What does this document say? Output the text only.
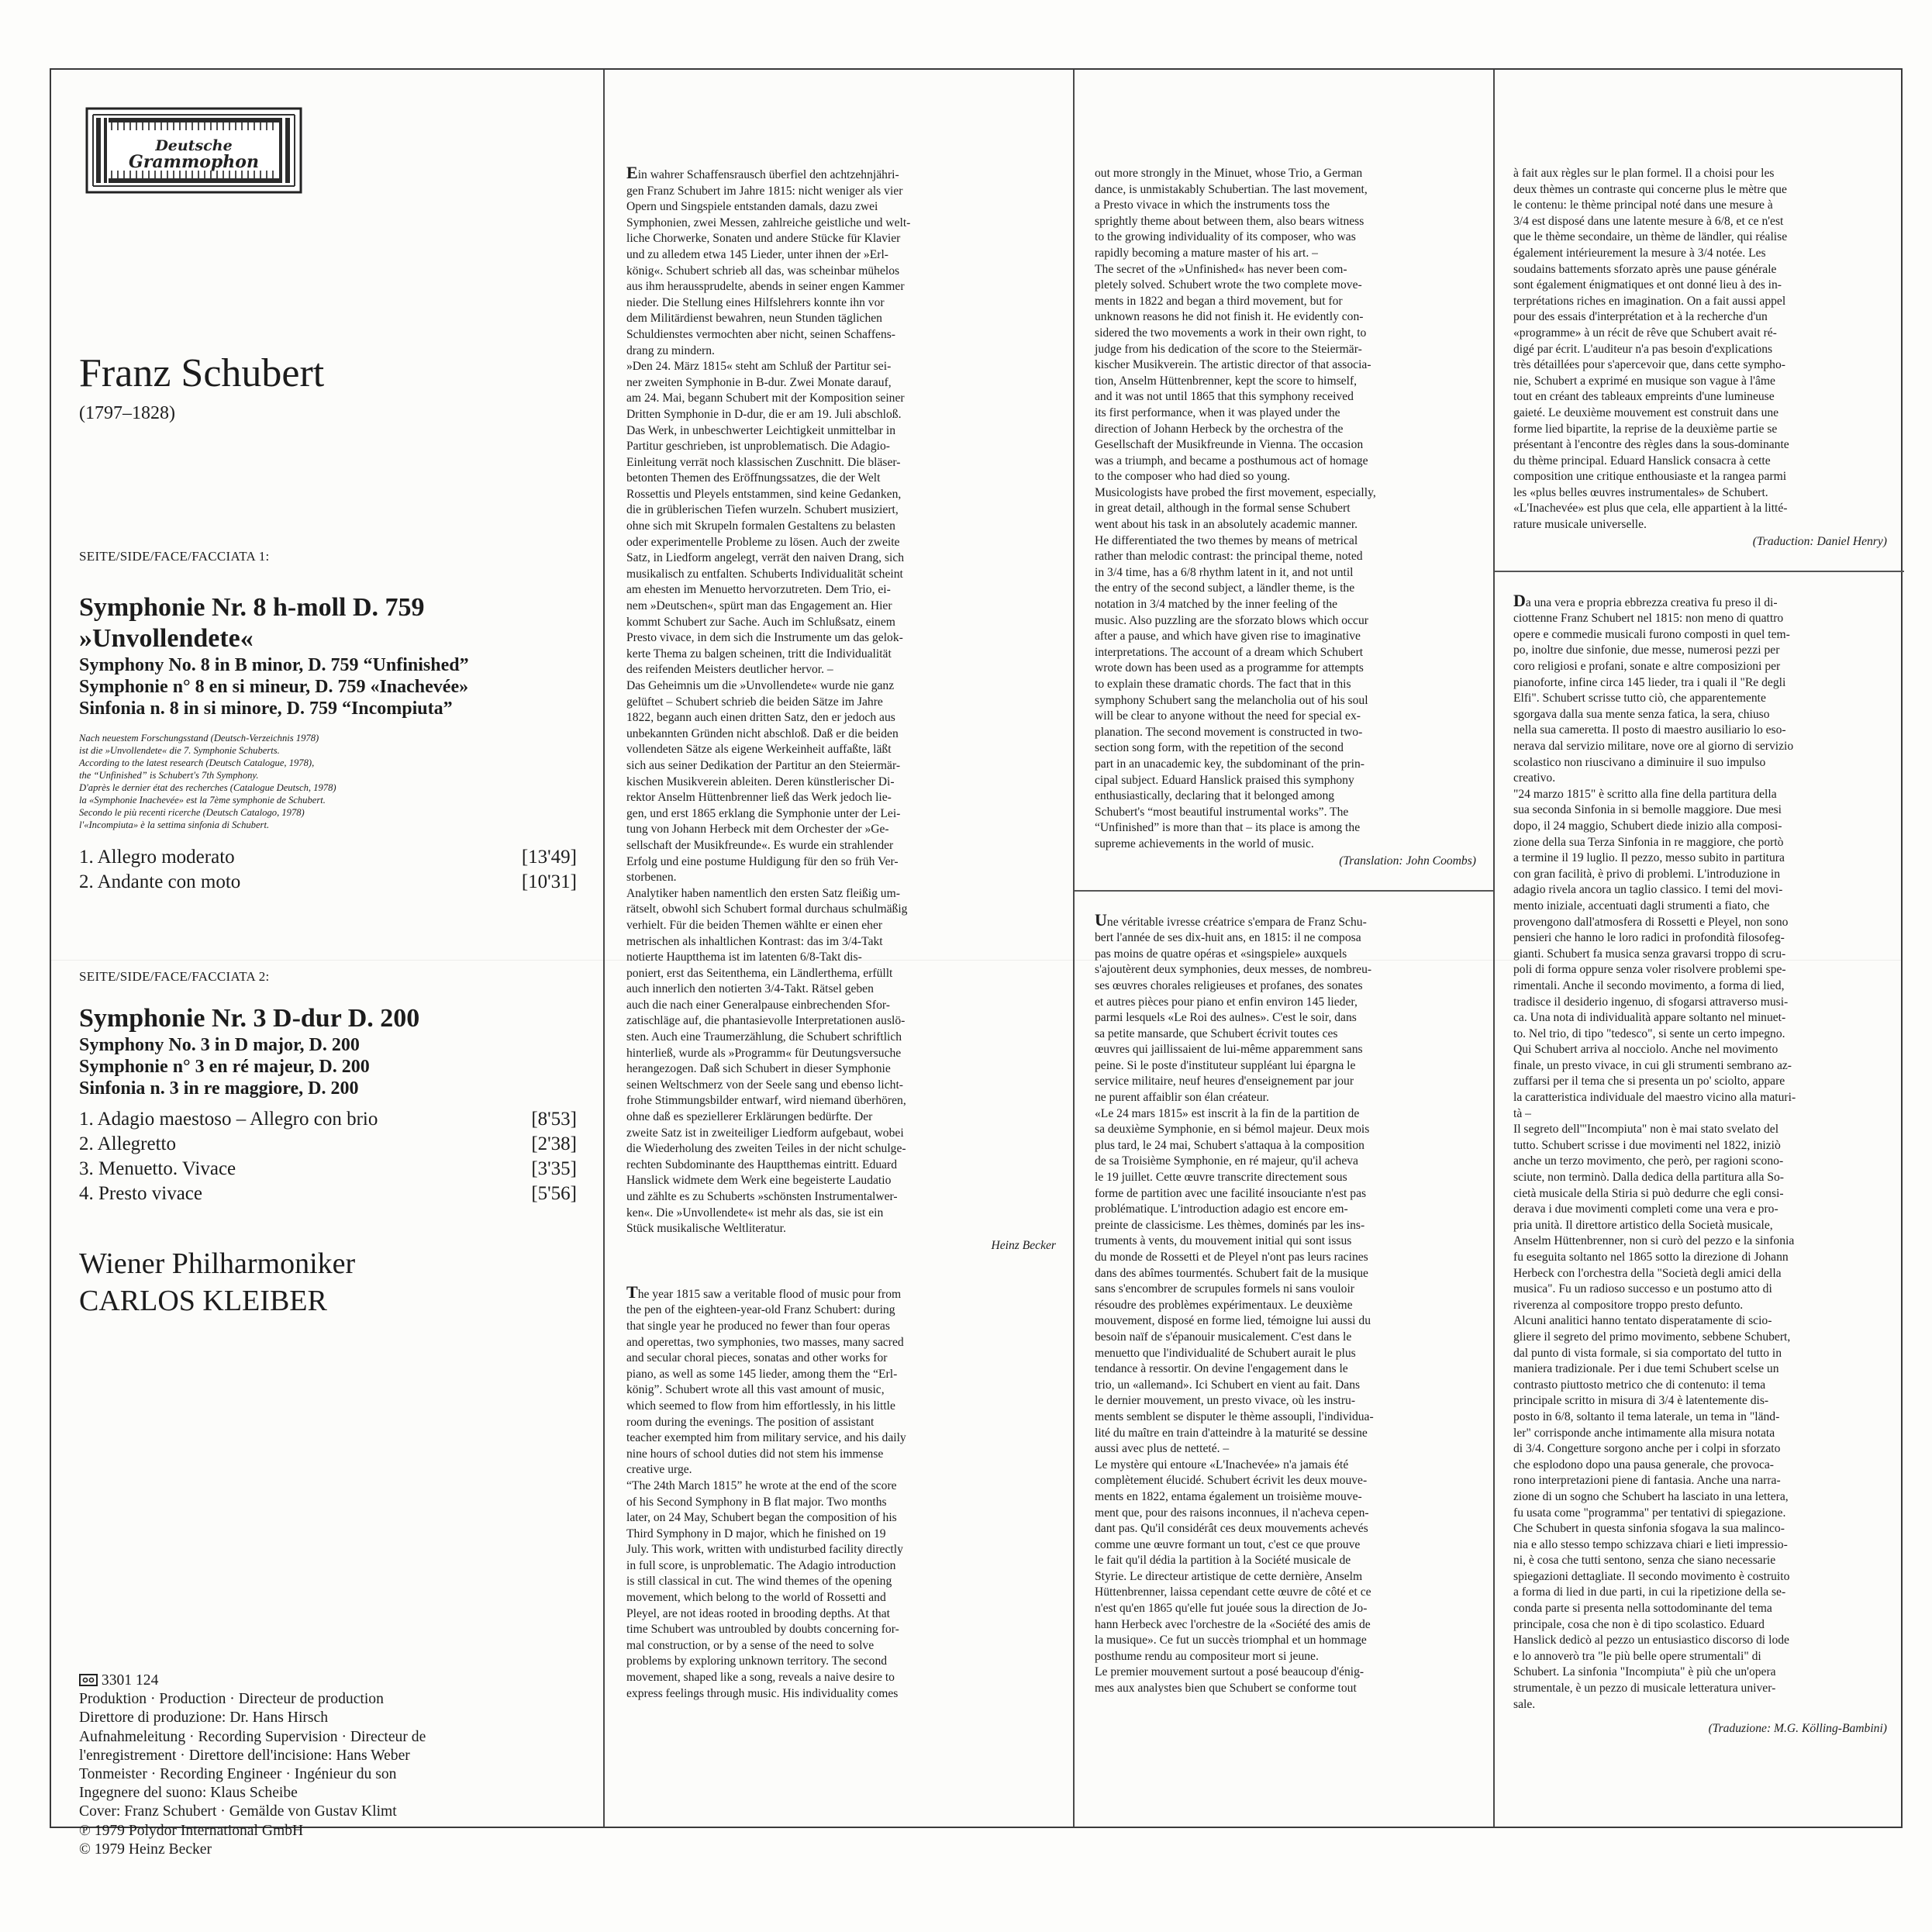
Deutsche
Grammophon
Franz Schubert
(1797–1828)
SEITE/SIDE/FACE/FACCIATA 1:
Symphonie Nr. 8 h-moll D. 759
»Unvollendete«
Symphony No. 8 in B minor, D. 759 “Unfinished”
Symphonie n° 8 en si mineur, D. 759 «Inachevée»
Sinfonia n. 8 in si minore, D. 759 “Incompiuta”
Nach neuestem Forschungsstand (Deutsch-Verzeichnis 1978)
ist die »Unvollendete« die 7. Symphonie Schuberts.
According to the latest research (Deutsch Catalogue, 1978),
the “Unfinished” is Schubert's 7th Symphony.
D'après le dernier état des recherches (Catalogue Deutsch, 1978)
la «Symphonie Inachevée» est la 7ème symphonie de Schubert.
Secondo le più recenti ricerche (Deutsch Catalogo, 1978)
l'«Incompiuta» è la settima sinfonia di Schubert.
1. Allegro moderato	[13'49]
2. Andante con moto	[10'31]
SEITE/SIDE/FACE/FACCIATA 2:
Symphonie Nr. 3 D-dur D. 200
Symphony No. 3 in D major, D. 200
Symphonie n° 3 en ré majeur, D. 200
Sinfonia n. 3 in re maggiore, D. 200
1. Adagio maestoso – Allegro con brio	[8'53]
2. Allegretto	[2'38]
3. Menuetto. Vivace	[3'35]
4. Presto vivace	[5'56]
Wiener Philharmoniker
CARLOS KLEIBER
3301 124
Produktion · Production · Directeur de production
Direttore di produzione: Dr. Hans Hirsch
Aufnahmeleitung · Recording Supervision · Directeur de
l'enregistrement · Direttore dell'incisione: Hans Weber
Tonmeister · Recording Engineer · Ingénieur du son
Ingegnere del suono: Klaus Scheibe
Cover: Franz Schubert · Gemälde von Gustav Klimt
℗ 1979 Polydor International GmbH
© 1979 Heinz Becker

Ein wahrer Schaffensrausch überfiel den achtzehnjähri-
gen Franz Schubert im Jahre 1815: nicht weniger als vier
Opern und Singspiele entstanden damals, dazu zwei
Symphonien, zwei Messen, zahlreiche geistliche und welt-
liche Chorwerke, Sonaten und andere Stücke für Klavier
und zu alledem etwa 145 Lieder, unter ihnen der »Erl-
könig«. Schubert schrieb all das, was scheinbar mühelos
aus ihm heraussprudelte, abends in seiner engen Kammer
nieder. Die Stellung eines Hilfslehrers konnte ihn vor
dem Militärdienst bewahren, neun Stunden täglichen
Schuldienstes vermochten aber nicht, seinen Schaffens-
drang zu mindern.
»Den 24. März 1815« steht am Schluß der Partitur sei-
ner zweiten Symphonie in B-dur. Zwei Monate darauf,
am 24. Mai, begann Schubert mit der Komposition seiner
Dritten Symphonie in D-dur, die er am 19. Juli abschloß.
Das Werk, in unbeschwerter Leichtigkeit unmittelbar in
Partitur geschrieben, ist unproblematisch. Die Adagio-
Einleitung verrät noch klassischen Zuschnitt. Die bläser-
betonten Themen des Eröffnungssatzes, die der Welt
Rossettis und Pleyels entstammen, sind keine Gedanken,
die in grüblerischen Tiefen wurzeln. Schubert musiziert,
ohne sich mit Skrupeln formalen Gestaltens zu belasten
oder experimentelle Probleme zu lösen. Auch der zweite
Satz, in Liedform angelegt, verrät den naiven Drang, sich
musikalisch zu entfalten. Schuberts Individualität scheint
am ehesten im Menuetto hervorzutreten. Dem Trio, ei-
nem »Deutschen«, spürt man das Engagement an. Hier
kommt Schubert zur Sache. Auch im Schlußsatz, einem
Presto vivace, in dem sich die Instrumente um das gelok-
kerte Thema zu balgen scheinen, tritt die Individualität
des reifenden Meisters deutlicher hervor. –
Das Geheimnis um die »Unvollendete« wurde nie ganz
gelüftet – Schubert schrieb die beiden Sätze im Jahre
1822, begann auch einen dritten Satz, den er jedoch aus
unbekannten Gründen nicht abschloß. Daß er die beiden
vollendeten Sätze als eigene Werkeinheit auffaßte, läßt
sich aus seiner Dedikation der Partitur an den Steiermär-
kischen Musikverein ableiten. Deren künstlerischer Di-
rektor Anselm Hüttenbrenner ließ das Werk jedoch lie-
gen, und erst 1865 erklang die Symphonie unter der Lei-
tung von Johann Herbeck mit dem Orchester der »Ge-
sellschaft der Musikfreunde«. Es wurde ein strahlender
Erfolg und eine postume Huldigung für den so früh Ver-
storbenen.
Analytiker haben namentlich den ersten Satz fleißig um-
rätselt, obwohl sich Schubert formal durchaus schulmäßig
verhielt. Für die beiden Themen wählte er einen eher
metrischen als inhaltlichen Kontrast: das im 3/4-Takt
notierte Hauptthema ist im latenten 6/8-Takt dis-
poniert, erst das Seitenthema, ein Ländlerthema, erfüllt
auch innerlich den notierten 3/4-Takt. Rätsel geben
auch die nach einer Generalpause einbrechenden Sfor-
zatischläge auf, die phantasievolle Interpretationen auslö-
sten. Auch eine Traumerzählung, die Schubert schriftlich
hinterließ, wurde als »Programm« für Deutungsversuche
herangezogen. Daß sich Schubert in dieser Symphonie
seinen Weltschmerz von der Seele sang und ebenso licht-
frohe Stimmungsbilder entwarf, wird niemand überhören,
ohne daß es speziellerer Erklärungen bedürfte. Der
zweite Satz ist in zweiteiliger Liedform aufgebaut, wobei
die Wiederholung des zweiten Teiles in der nicht schulge-
rechten Subdominante des Hauptthemas eintritt. Eduard
Hanslick widmete dem Werk eine begeisterte Laudatio
und zählte es zu Schuberts »schönsten Instrumentalwer-
ken«. Die »Unvollendete« ist mehr als das, sie ist ein
Stück musikalische Weltliteratur.

Heinz Becker

The year 1815 saw a veritable flood of music pour from
the pen of the eighteen-year-old Franz Schubert: during
that single year he produced no fewer than four operas
and operettas, two symphonies, two masses, many sacred
and secular choral pieces, sonatas and other works for
piano, as well as some 145 lieder, among them the “Erl-
könig”. Schubert wrote all this vast amount of music,
which seemed to flow from him effortlessly, in his little
room during the evenings. The position of assistant
teacher exempted him from military service, and his daily
nine hours of school duties did not stem his immense
creative urge.
“The 24th March 1815” he wrote at the end of the score
of his Second Symphony in B flat major. Two months
later, on 24 May, Schubert began the composition of his
Third Symphony in D major, which he finished on 19
July. This work, written with undisturbed facility directly
in full score, is unproblematic. The Adagio introduction
is still classical in cut. The wind themes of the opening
movement, which belong to the world of Rossetti and
Pleyel, are not ideas rooted in brooding depths. At that
time Schubert was untroubled by doubts concerning for-
mal construction, or by a sense of the need to solve
problems by exploring unknown territory. The second
movement, shaped like a song, reveals a naive desire to
express feelings through music. His individuality comes

out more strongly in the Minuet, whose Trio, a German
dance, is unmistakably Schubertian. The last movement,
a Presto vivace in which the instruments toss the
sprightly theme about between them, also bears witness
to the growing individuality of its composer, who was
rapidly becoming a mature master of his art. –
The secret of the »Unfinished« has never been com-
pletely solved. Schubert wrote the two complete move-
ments in 1822 and began a third movement, but for
unknown reasons he did not finish it. He evidently con-
sidered the two movements a work in their own right, to
judge from his dedication of the score to the Steiermär-
kischer Musikverein. The artistic director of that associa-
tion, Anselm Hüttenbrenner, kept the score to himself,
and it was not until 1865 that this symphony received
its first performance, when it was played under the
direction of Johann Herbeck by the orchestra of the
Gesellschaft der Musikfreunde in Vienna. The occasion
was a triumph, and became a posthumous act of homage
to the composer who had died so young.
Musicologists have probed the first movement, especially,
in great detail, although in the formal sense Schubert
went about his task in an absolutely academic manner.
He differentiated the two themes by means of metrical
rather than melodic contrast: the principal theme, noted
in 3/4 time, has a 6/8 rhythm latent in it, and not until
the entry of the second subject, a ländler theme, is the
notation in 3/4 matched by the inner feeling of the
music. Also puzzling are the sforzato blows which occur
after a pause, and which have given rise to imaginative
interpretations. The account of a dream which Schubert
wrote down has been used as a programme for attempts
to explain these dramatic chords. The fact that in this
symphony Schubert sang the melancholia out of his soul
will be clear to anyone without the need for special ex-
planation. The second movement is constructed in two-
section song form, with the repetition of the second
part in an unacademic key, the subdominant of the prin-
cipal subject. Eduard Hanslick praised this symphony
enthusiastically, declaring that it belonged among
Schubert's “most beautiful instrumental works”. The
“Unfinished” is more than that – its place is among the
supreme achievements in the world of music.

(Translation: John Coombs)

Une véritable ivresse créatrice s'empara de Franz Schu-
bert l'année de ses dix-huit ans, en 1815: il ne composa
pas moins de quatre opéras et «singspiele» auxquels
s'ajoutèrent deux symphonies, deux messes, de nombreu-
ses œuvres chorales religieuses et profanes, des sonates
et autres pièces pour piano et enfin environ 145 lieder,
parmi lesquels «Le Roi des aulnes». C'est le soir, dans
sa petite mansarde, que Schubert écrivit toutes ces
œuvres qui jaillissaient de lui-même apparemment sans
peine. Si le poste d'instituteur suppléant lui épargna le
service militaire, neuf heures d'enseignement par jour
ne purent affaiblir son élan créateur.
«Le 24 mars 1815» est inscrit à la fin de la partition de
sa deuxième Symphonie, en si bémol majeur. Deux mois
plus tard, le 24 mai, Schubert s'attaqua à la composition
de sa Troisième Symphonie, en ré majeur, qu'il acheva
le 19 juillet. Cette œuvre transcrite directement sous
forme de partition avec une facilité insouciante n'est pas
problématique. L'introduction adagio est encore em-
preinte de classicisme. Les thèmes, dominés par les ins-
truments à vents, du mouvement initial qui sont issus
du monde de Rossetti et de Pleyel n'ont pas leurs racines
dans des abîmes tourmentés. Schubert fait de la musique
sans s'encombrer de scrupules formels ni sans vouloir
résoudre des problèmes expérimentaux. Le deuxième
mouvement, disposé en forme lied, témoigne lui aussi du
besoin naïf de s'épanouir musicalement. C'est dans le
menuetto que l'individualité de Schubert aurait le plus
tendance à ressortir. On devine l'engagement dans le
trio, un «allemand». Ici Schubert en vient au fait. Dans
le dernier mouvement, un presto vivace, où les instru-
ments semblent se disputer le thème assoupli, l'individua-
lité du maître en train d'atteindre à la maturité se dessine
aussi avec plus de netteté. –
Le mystère qui entoure «L'Inachevée» n'a jamais été
complètement élucidé. Schubert écrivit les deux mouve-
ments en 1822, entama également un troisième mouve-
ment que, pour des raisons inconnues, il n'acheva cepen-
dant pas. Qu'il considérât ces deux mouvements achevés
comme une œuvre formant un tout, c'est ce que prouve
le fait qu'il dédia la partition à la Société musicale de
Styrie. Le directeur artistique de cette dernière, Anselm
Hüttenbrenner, laissa cependant cette œuvre de côté et ce
n'est qu'en 1865 qu'elle fut jouée sous la direction de Jo-
hann Herbeck avec l'orchestre de la «Société des amis de
la musique». Ce fut un succès triomphal et un hommage
posthume rendu au compositeur mort si jeune.
Le premier mouvement surtout a posé beaucoup d'énig-
mes aux analystes bien que Schubert se conforme tout

à fait aux règles sur le plan formel. Il a choisi pour les
deux thèmes un contraste qui concerne plus le mètre que
le contenu: le thème principal noté dans une mesure à
3/4 est disposé dans une latente mesure à 6/8, et ce n'est
que le thème secondaire, un thème de ländler, qui réalise
également intérieurement la mesure à 3/4 notée. Les
soudains battements sforzato après une pause générale
sont également énigmatiques et ont donné lieu à des in-
terprétations riches en imagination. On a fait aussi appel
pour des essais d'interprétation et à la recherche d'un
«programme» à un récit de rêve que Schubert avait ré-
digé par écrit. L'auditeur n'a pas besoin d'explications
très détaillées pour s'apercevoir que, dans cette sympho-
nie, Schubert a exprimé en musique son vague à l'âme
tout en créant des tableaux empreints d'une lumineuse
gaieté. Le deuxième mouvement est construit dans une
forme lied bipartite, la reprise de la deuxième partie se
présentant à l'encontre des règles dans la sous-dominante
du thème principal. Eduard Hanslick consacra à cette
composition une critique enthousiaste et la rangea parmi
les «plus belles œuvres instrumentales» de Schubert.
«L'Inachevée» est plus que cela, elle appartient à la litté-
rature musicale universelle.

(Traduction: Daniel Henry)

Da una vera e propria ebbrezza creativa fu preso il di-
ciottenne Franz Schubert nel 1815: non meno di quattro
opere e commedie musicali furono composti in quel tem-
po, inoltre due sinfonie, due messe, numerosi pezzi per
coro religiosi e profani, sonate e altre composizioni per
pianoforte, infine circa 145 lieder, tra i quali il "Re degli
Elfi". Schubert scrisse tutto ciò, che apparentemente
sgorgava dalla sua mente senza fatica, la sera, chiuso
nella sua cameretta. Il posto di maestro ausiliario lo eso-
nerava dal servizio militare, nove ore al giorno di servizio
scolastico non riuscivano a diminuire il suo impulso
creativo.
"24 marzo 1815" è scritto alla fine della partitura della
sua seconda Sinfonia in si bemolle maggiore. Due mesi
dopo, il 24 maggio, Schubert diede inizio alla composi-
zione della sua Terza Sinfonia in re maggiore, che portò
a termine il 19 luglio. Il pezzo, messo subito in partitura
con gran facilità, è privo di problemi. L'introduzione in
adagio rivela ancora un taglio classico. I temi del movi-
mento iniziale, accentuati dagli strumenti a fiato, che
provengono dall'atmosfera di Rossetti e Pleyel, non sono
pensieri che hanno le loro radici in profondità filosofeg-
gianti. Schubert fa musica senza gravarsi troppo di scru-
poli di forma oppure senza voler risolvere problemi spe-
rimentali. Anche il secondo movimento, a forma di lied,
tradisce il desiderio ingenuo, di sfogarsi attraverso musi-
ca. Una nota di individualità appare soltanto nel minuet-
to. Nel trio, di tipo "tedesco", si sente un certo impegno.
Qui Schubert arriva al nocciolo. Anche nel movimento
finale, un presto vivace, in cui gli strumenti sembrano az-
zuffarsi per il tema che si presenta un po' sciolto, appare
la caratteristica individuale del maestro vicino alla maturi-
tà –
Il segreto dell'"Incompiuta" non è mai stato svelato del
tutto. Schubert scrisse i due movimenti nel 1822, iniziò
anche un terzo movimento, che però, per ragioni scono-
sciute, non terminò. Dalla dedica della partitura alla So-
cietà musicale della Stiria si può dedurre che egli consi-
derava i due movimenti completi come una vera e pro-
pria unità. Il direttore artistico della Società musicale,
Anselm Hüttenbrenner, non si curò del pezzo e la sinfonia
fu eseguita soltanto nel 1865 sotto la direzione di Johann
Herbeck con l'orchestra della "Società degli amici della
musica". Fu un radioso successo e un postumo atto di
riverenza al compositore troppo presto defunto.
Alcuni analitici hanno tentato disperatamente di scio-
gliere il segreto del primo movimento, sebbene Schubert,
dal punto di vista formale, si sia comportato del tutto in
maniera tradizionale. Per i due temi Schubert scelse un
contrasto piuttosto metrico che di contenuto: il tema
principale scritto in misura di 3/4 è latentemente dis-
posto in 6/8, soltanto il tema laterale, un tema in "länd-
ler" corrisponde anche intimamente alla misura notata
di 3/4. Congetture sorgono anche per i colpi in sforzato
che esplodono dopo una pausa generale, che provoca-
rono interpretazioni piene di fantasia. Anche una narra-
zione di un sogno che Schubert ha lasciato in una lettera,
fu usata come "programma" per tentativi di spiegazione.
Che Schubert in questa sinfonia sfogava la sua malinco-
nia e allo stesso tempo schizzava chiari e lieti impressio-
ni, è cosa che tutti sentono, senza che siano necessarie
spiegazioni dettagliate. Il secondo movimento è costruito
a forma di lied in due parti, in cui la ripetizione della se-
conda parte si presenta nella sottodominante del tema
principale, cosa che non è di tipo scolastico. Eduard
Hanslick dedicò al pezzo un entusiastico discorso di lode
e lo annoverò tra "le più belle opere strumentali" di
Schubert. La sinfonia "Incompiuta" è più che un'opera
strumentale, è un pezzo di musicale letteratura univer-
sale.

(Traduzione: M.G. Kölling-Bambini)
